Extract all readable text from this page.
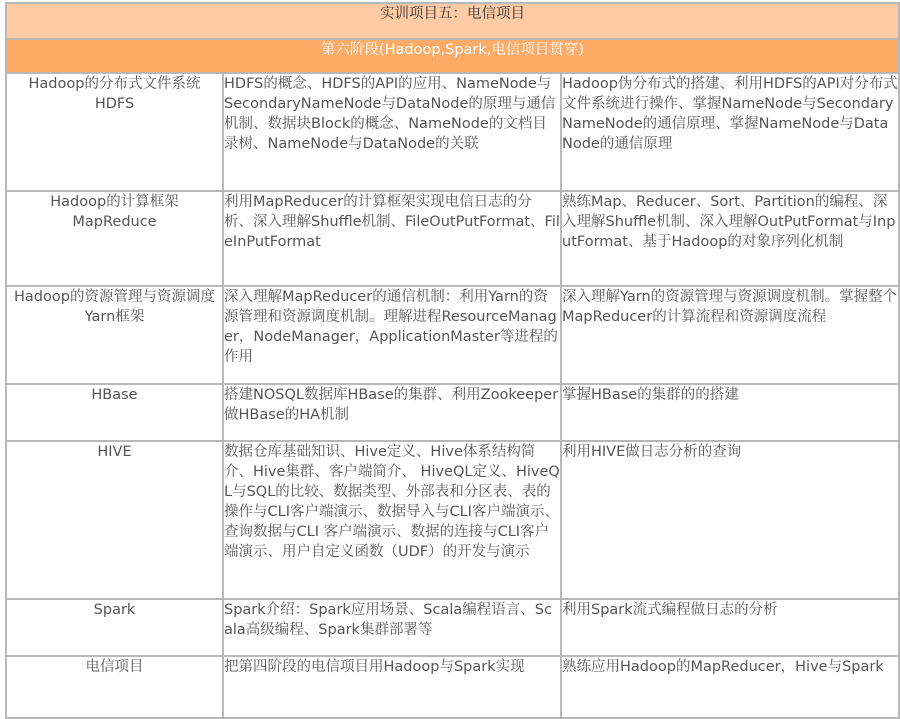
实训项目五：电信项目		
第六阶段(Hadoop,Spark,电信项目贯穿)		

Hadoop的分布式文件系统
HDFS	HDFS的概念、HDFS的API的应用、NameNode与SecondaryNameNode与DataNode的原理与通信机制、数据块Block的概念、NameNode的文档目录树、NameNode与DataNode的关联	Hadoop伪分布式的搭建、利用HDFS的API对分布式文件系统进行操作、掌握NameNode与SecondaryNameNode的通信原理、掌握NameNode与DataNode的通信原理

Hadoop的计算框架
MapReduce	利用MapReducer的计算框架实现电信日志的分析、深入理解Shuffle机制、FileOutPutFormat、FileInPutFormat	熟练Map、Reducer、Sort、Partition的编程、深入理解Shuffle机制、深入理解OutPutFormat与InputFormat、基于Hadoop的对象序列化机制

Hadoop的资源管理与资源调度
Yarn框架	深入理解MapReducer的通信机制：利用Yarn的资源管理和资源调度机制。理解进程ResourceManager，NodeManager，ApplicationMaster等进程的作用	深入理解Yarn的资源管理与资源调度机制。掌握整个MapReducer的计算流程和资源调度流程

HBase	搭建NOSQL数据库HBase的集群、利用Zookeeper做HBase的HA机制	掌握HBase的集群的的搭建

HIVE	数据仓库基础知识、Hive定义、Hive体系结构简介、Hive集群、客户端简介、 HiveQL定义、HiveQL与SQL的比较、数据类型、外部表和分区表、表的操作与CLI客户端演示、数据导入与CLI客户端演示、查询数据与CLI 客户端演示、数据的连接与CLI客户端演示、用户自定义函数（UDF）的开发与演示	利用HIVE做日志分析的查询

Spark	Spark介绍：Spark应用场景、Scala编程语言、Scala高级编程、Spark集群部署等	利用Spark流式编程做日志的分析

电信项目	把第四阶段的电信项目用Hadoop与Spark实现	熟练应用Hadoop的MapReducer，Hive与Spark
